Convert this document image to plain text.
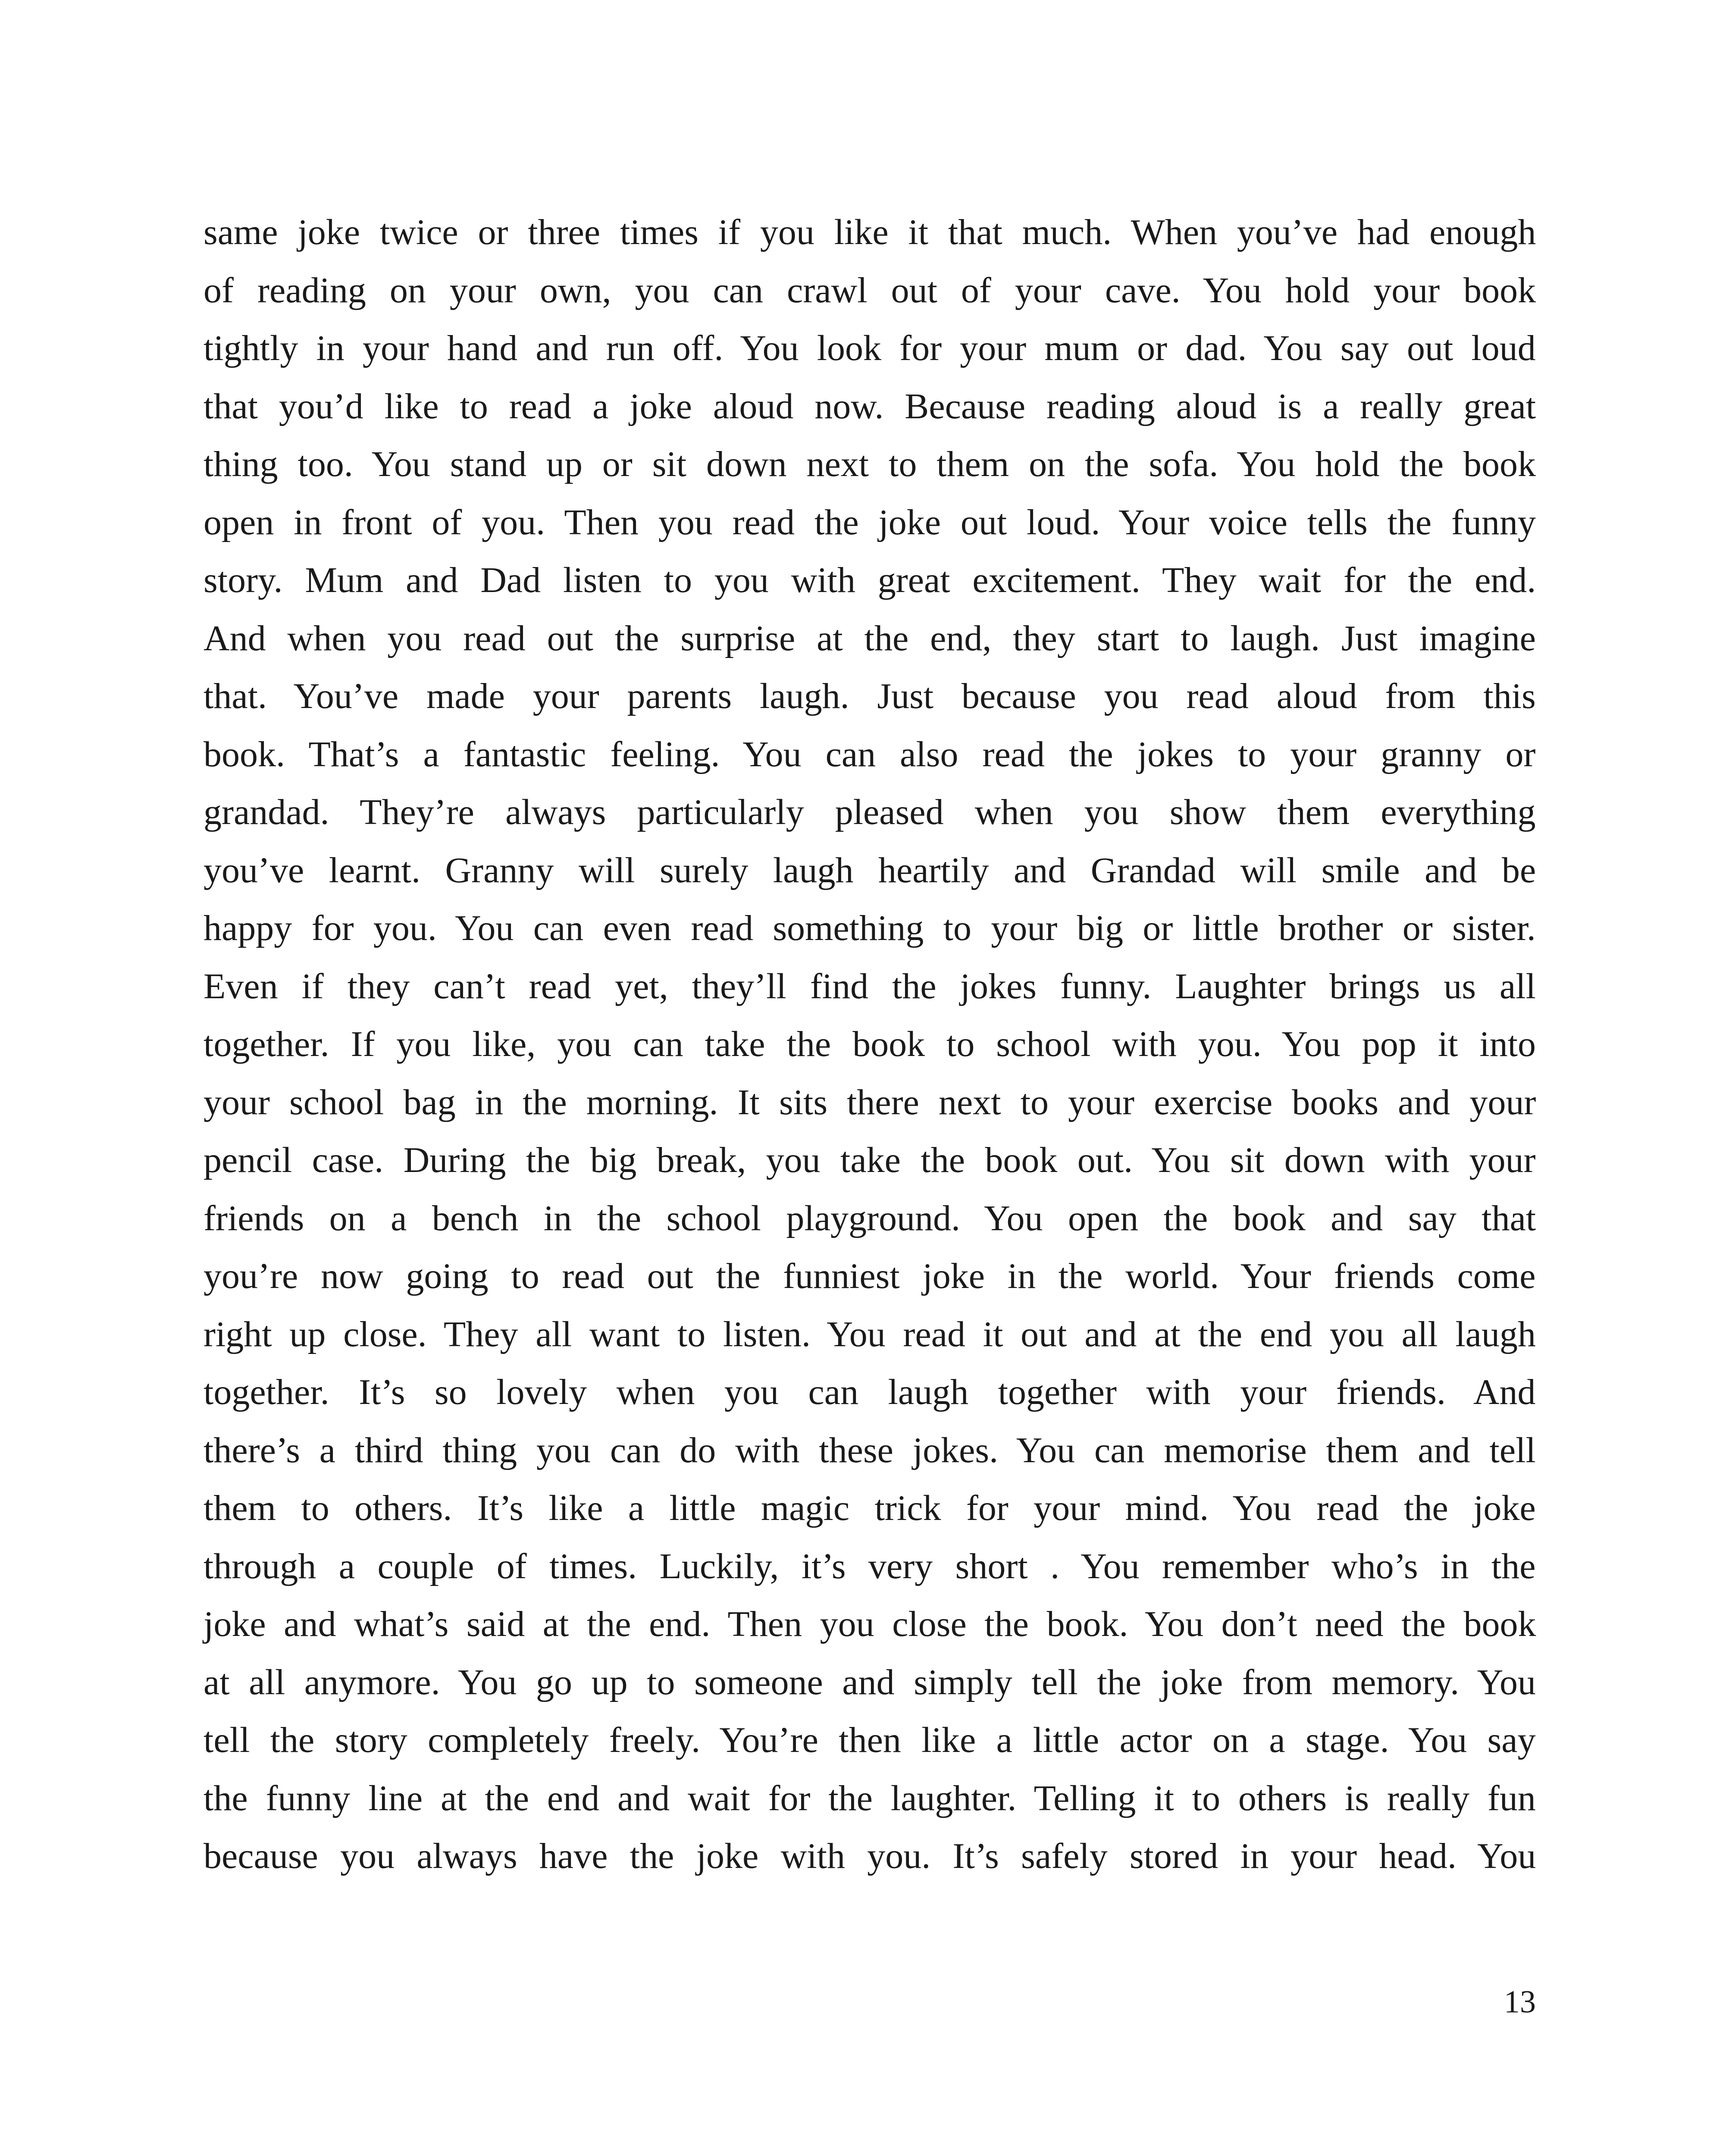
same joke twice or three times if you like it that much. When you’ve had enough
of reading on your own, you can crawl out of your cave. You hold your book
tightly in your hand and run off. You look for your mum or dad. You say out loud
that you’d like to read a joke aloud now. Because reading aloud is a really great
thing too. You stand up or sit down next to them on the sofa. You hold the book
open in front of you. Then you read the joke out loud. Your voice tells the funny
story. Mum and Dad listen to you with great excitement. They wait for the end.
And when you read out the surprise at the end, they start to laugh. Just imagine
that. You’ve made your parents laugh. Just because you read aloud from this
book. That’s a fantastic feeling. You can also read the jokes to your granny or
grandad. They’re always particularly pleased when you show them everything
you’ve learnt. Granny will surely laugh heartily and Grandad will smile and be
happy for you. You can even read something to your big or little brother or sister.
Even if they can’t read yet, they’ll find the jokes funny. Laughter brings us all
together. If you like, you can take the book to school with you. You pop it into
your school bag in the morning. It sits there next to your exercise books and your
pencil case. During the big break, you take the book out. You sit down with your
friends on a bench in the school playground. You open the book and say that
you’re now going to read out the funniest joke in the world. Your friends come
right up close. They all want to listen. You read it out and at the end you all laugh
together. It’s so lovely when you can laugh together with your friends. And
there’s a third thing you can do with these jokes. You can memorise them and tell
them to others. It’s like a little magic trick for your mind. You read the joke
through a couple of times. Luckily, it’s very short . You remember who’s in the
joke and what’s said at the end. Then you close the book. You don’t need the book
at all anymore. You go up to someone and simply tell the joke from memory. You
tell the story completely freely. You’re then like a little actor on a stage. You say
the funny line at the end and wait for the laughter. Telling it to others is really fun
because you always have the joke with you. It’s safely stored in your head. You
13
